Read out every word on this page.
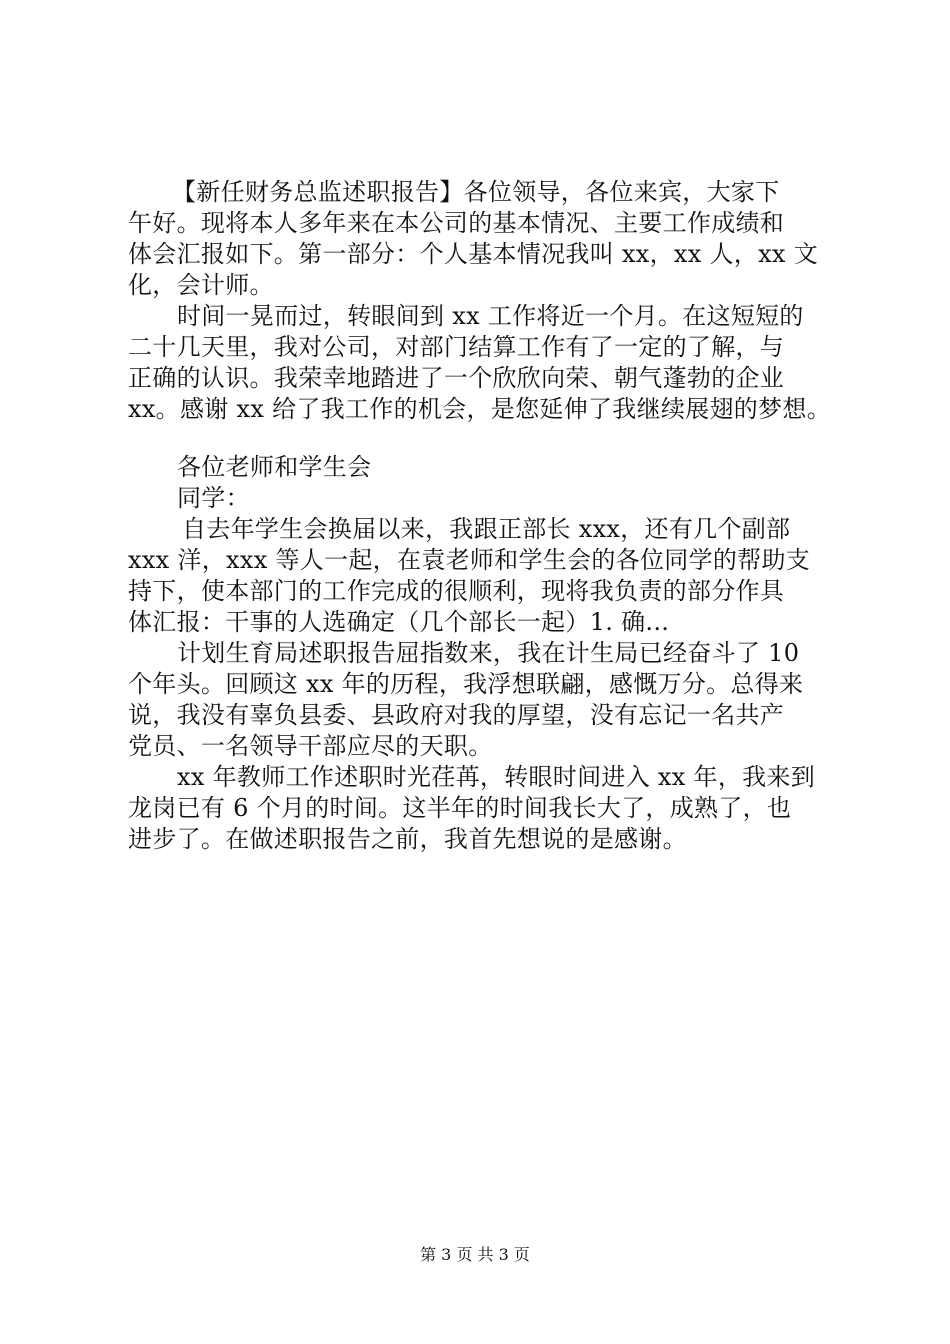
【新任财务总监述职报告】各位领导，各位来宾，大家下
午好。现将本人多年来在本公司的基本情况、主要工作成绩和
体会汇报如下。第一部分：个人基本情况我叫 xx，xx 人，xx 文
化，会计师。
时间一晃而过，转眼间到 xx 工作将近一个月。在这短短的
二十几天里，我对公司，对部门结算工作有了一定的了解，与
正确的认识。我荣幸地踏进了一个欣欣向荣、朝气蓬勃的企业
xx。感谢 xx 给了我工作的机会，是您延伸了我继续展翅的梦想。
各位老师和学生会
同学：
自去年学生会换届以来，我跟正部长 xxx，还有几个副部
xxx 洋，xxx 等人一起，在袁老师和学生会的各位同学的帮助支
持下，使本部门的工作完成的很顺利，现将我负责的部分作具
体汇报：干事的人选确定（几个部长一起）1. 确...
计划生育局述职报告屈指数来，我在计生局已经奋斗了 10
个年头。回顾这 xx 年的历程，我浮想联翩，感慨万分。总得来
说，我没有辜负县委、县政府对我的厚望，没有忘记一名共产
党员、一名领导干部应尽的天职。
xx 年教师工作述职时光荏苒，转眼时间进入 xx 年，我来到
龙岗已有 6 个月的时间。这半年的时间我长大了，成熟了，也
进步了。在做述职报告之前，我首先想说的是感谢。
第 3 页 共 3 页
